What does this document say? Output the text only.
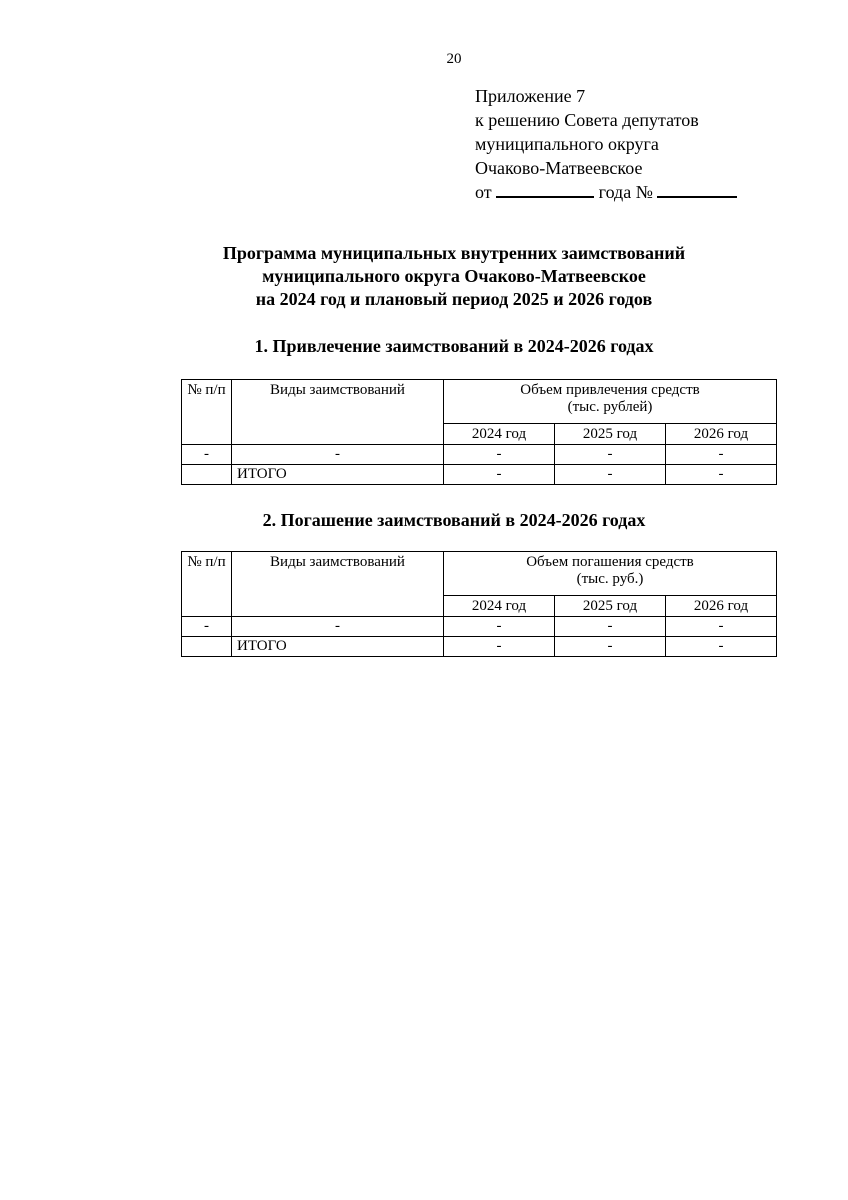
20
Приложение 7
к решению Совета депутатов
муниципального округа
Очаково-Матвеевское
от	года №
Программа муниципальных внутренних заимствований
муниципального округа Очаково-Матвеевское
на 2024 год и плановый период 2025 и 2026 годов
1. Привлечение заимствований в 2024-2026 годах
№ п/п	Виды заимствований	Объем привлечения средств
(тыс. рублей)		

		2024 год	2025 год	2026 год
-	-	-	-	-
	ИТОГО	-	-	-
2. Погашение заимствований в 2024-2026 годах
№ п/п	Виды заимствований	Объем погашения средств
(тыс. руб.)		

		2024 год	2025 год	2026 год
-	-	-	-	-
	ИТОГО	-	-	-
